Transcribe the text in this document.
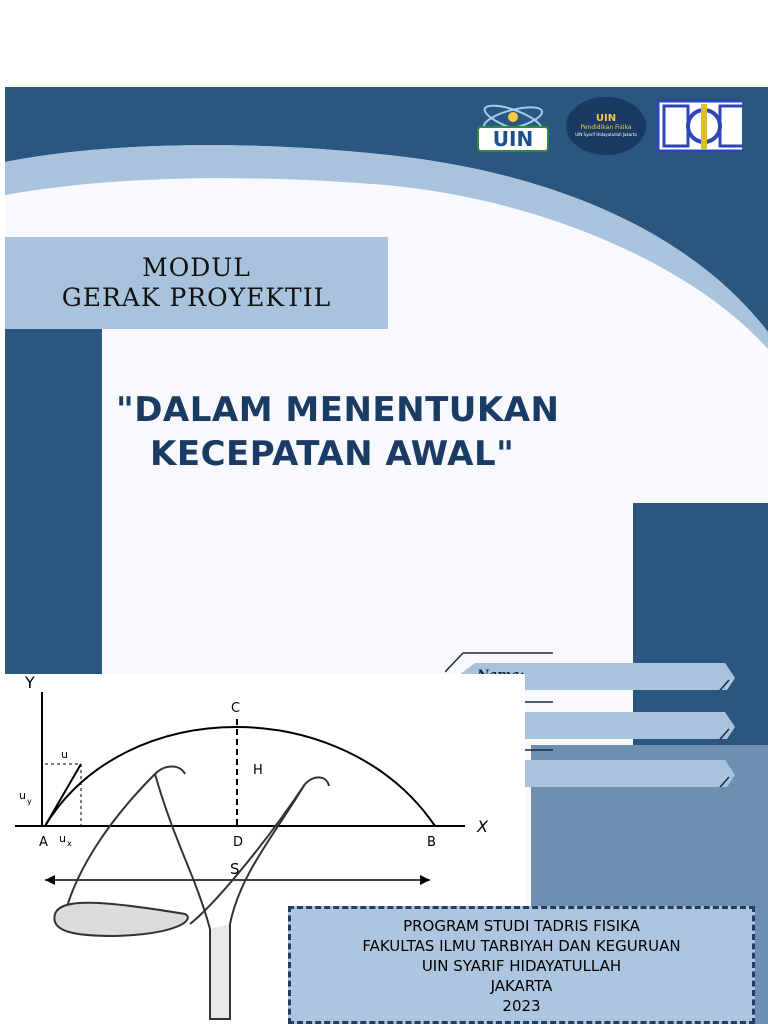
UIN
UIN
Pendidikan Fisika
UIN Syarif Hidayatullah Jakarta
MODUL
GERAK PROYEKTIL
"DALAM MENENTUKAN
KECEPATAN AWAL"
Y
X
C
H
D
A	B
u
u y
u x
S
PROGRAM STUDI TADRIS FISIKA
FAKULTAS ILMU TARBIYAH DAN KEGURUAN
UIN SYARIF HIDAYATULLAH
JAKARTA
2023
